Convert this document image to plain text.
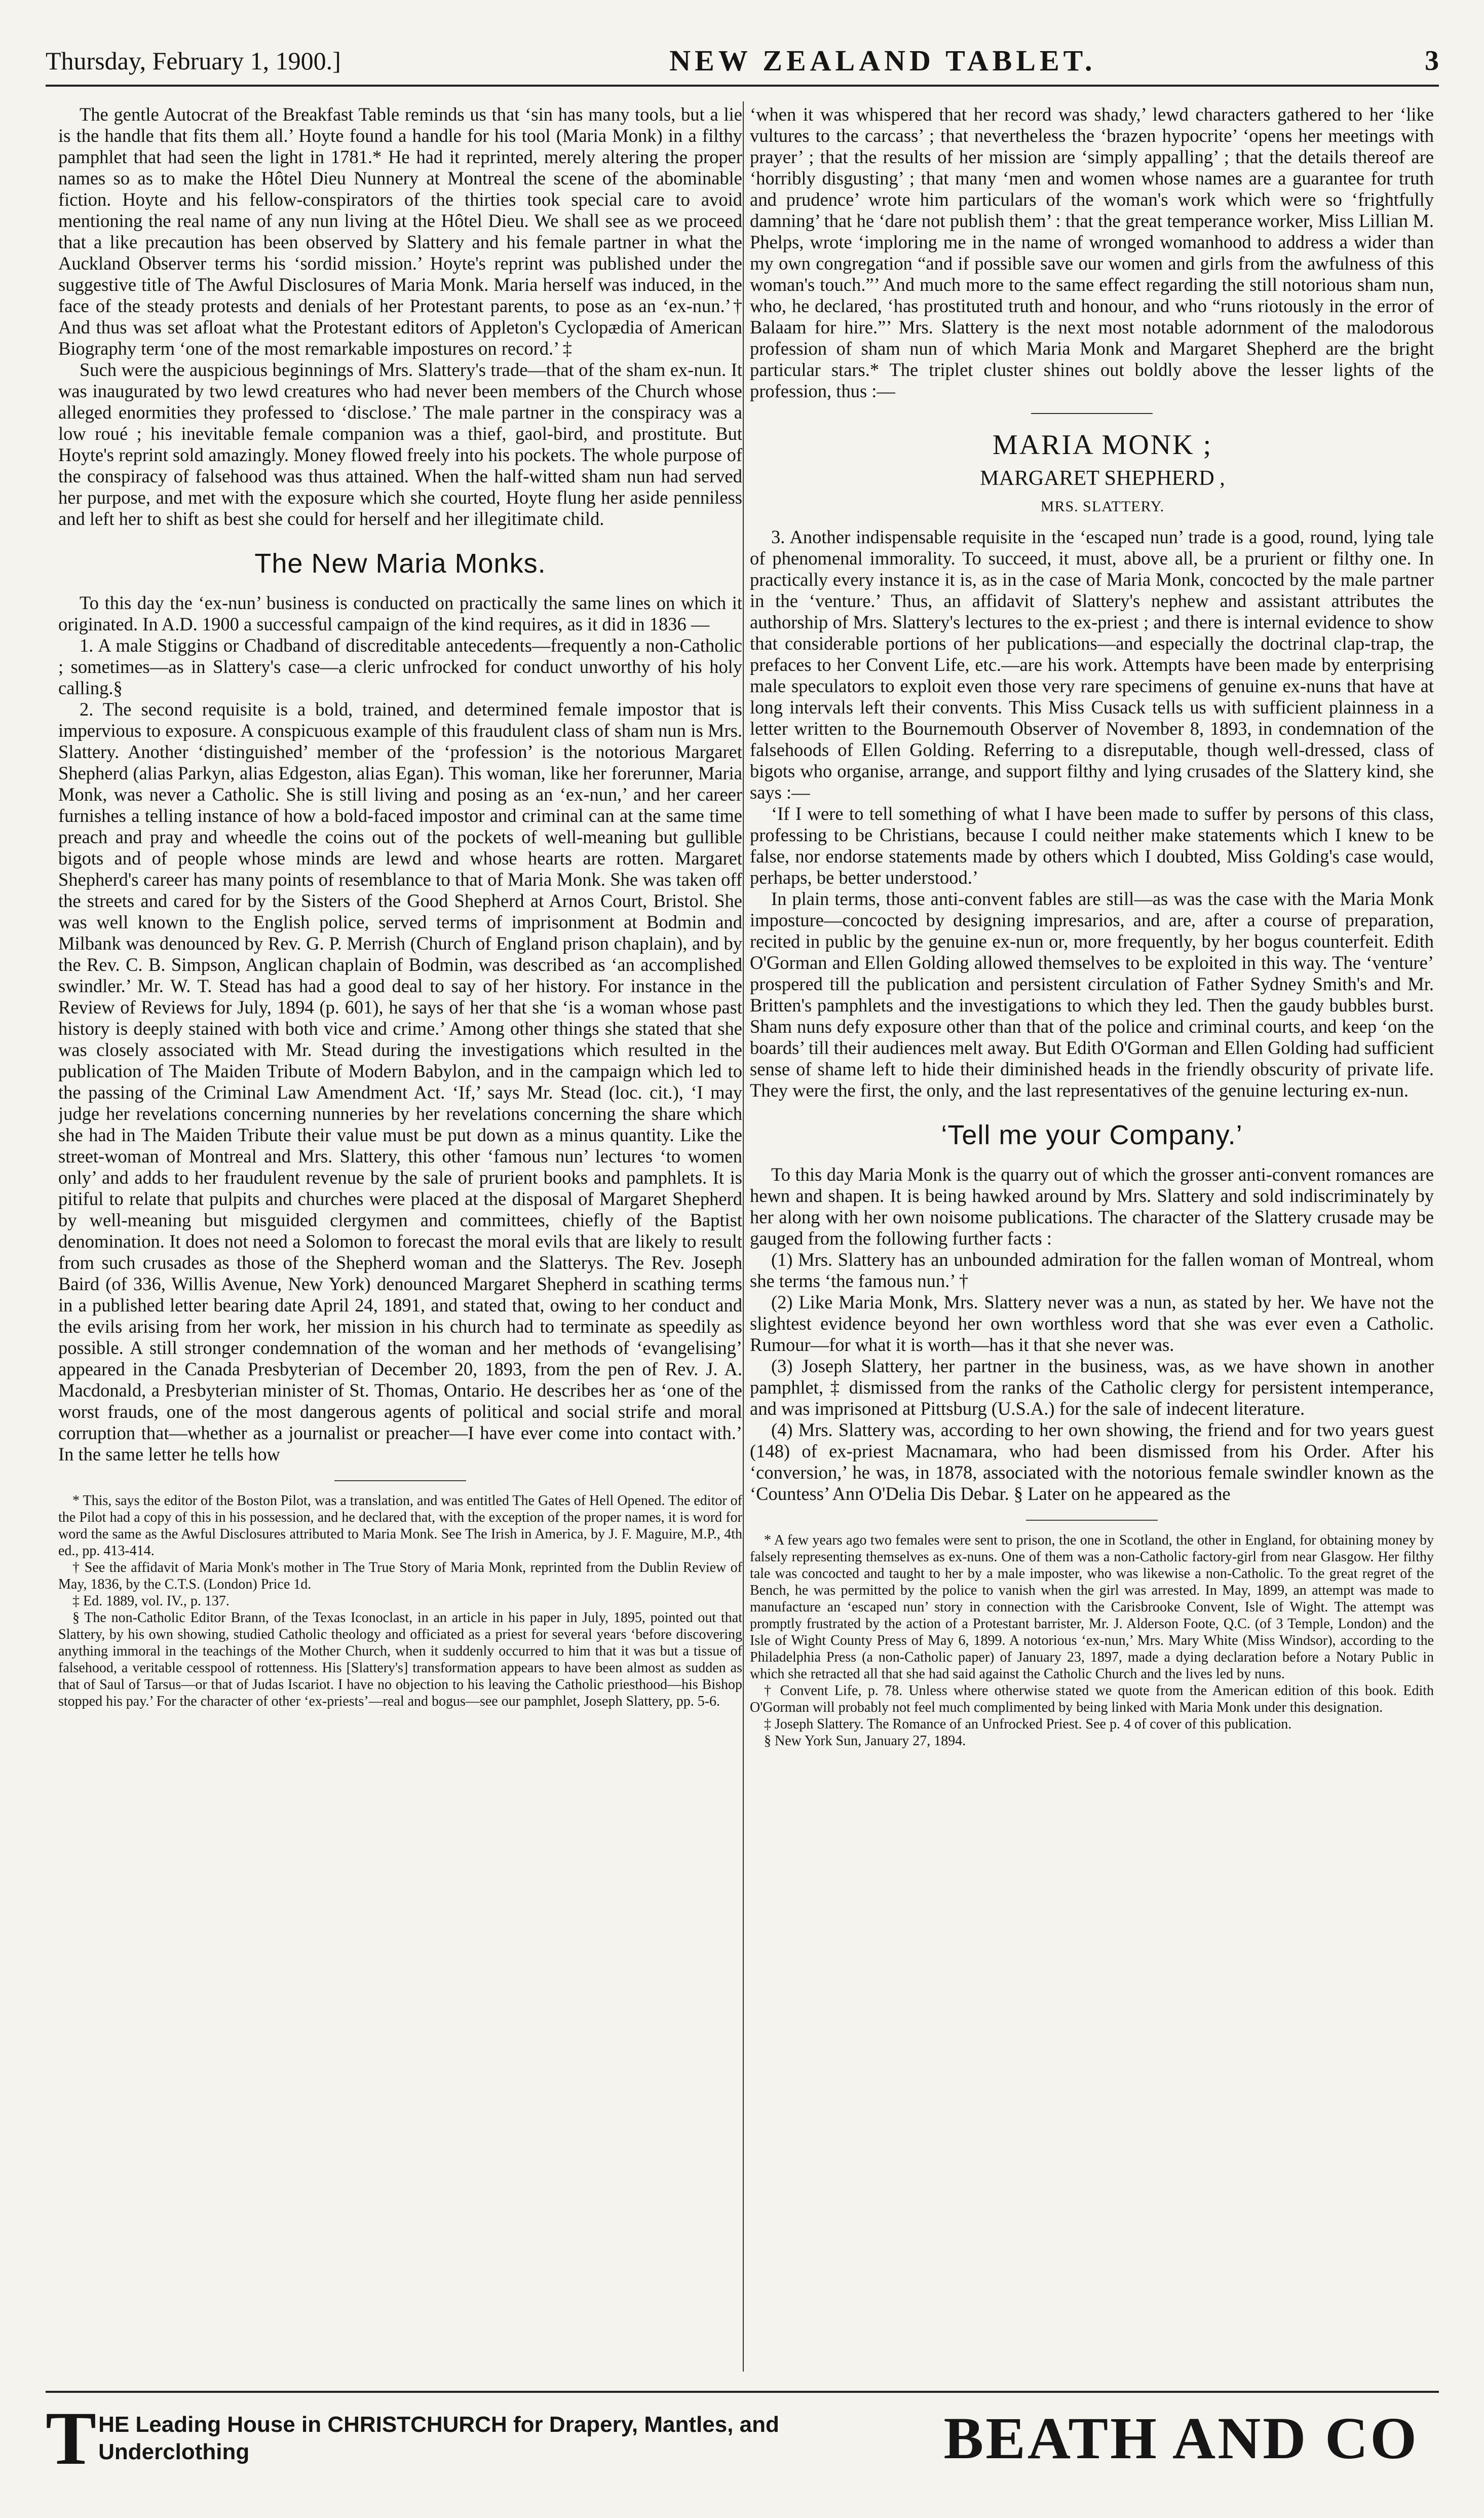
Thursday, February 1, 1900.]	NEW ZEALAND TABLET.	3

The gentle Autocrat of the Breakfast Table reminds us that ‘sin has many tools, but a lie is the handle that fits them all.’ Hoyte found a handle for his tool (Maria Monk) in a filthy pamphlet that had seen the light in 1781.* He had it reprinted, merely altering the proper names so as to make the Hôtel Dieu Nunnery at Montreal the scene of the abominable fiction. Hoyte and his fellow-conspirators of the thirties took special care to avoid mentioning the real name of any nun living at the Hôtel Dieu. We shall see as we proceed that a like precaution has been observed by Slattery and his female partner in what the Auckland Observer terms his ‘sordid mission.’ Hoyte's reprint was published under the suggestive title of The Awful Disclosures of Maria Monk. Maria herself was induced, in the face of the steady protests and denials of her Protestant parents, to pose as an ‘ex-nun.’† And thus was set afloat what the Protestant editors of Appleton's Cyclopædia of American Biography term ‘one of the most remarkable impostures on record.’ ‡

Such were the auspicious beginnings of Mrs. Slattery's trade—that of the sham ex-nun. It was inaugurated by two lewd creatures who had never been members of the Church whose alleged enormities they professed to ‘disclose.’ The male partner in the conspiracy was a low roué ; his inevitable female companion was a thief, gaol-bird, and prostitute. But Hoyte's reprint sold amazingly. Money flowed freely into his pockets. The whole purpose of the conspiracy of falsehood was thus attained. When the half-witted sham nun had served her purpose, and met with the exposure which she courted, Hoyte flung her aside penniless and left her to shift as best she could for herself and her illegitimate child.

The New Maria Monks.

To this day the ‘ex-nun’ business is conducted on practically the same lines on which it originated. In A.D. 1900 a successful campaign of the kind requires, as it did in 1836 —

1. A male Stiggins or Chadband of discreditable antecedents—frequently a non-Catholic ; sometimes—as in Slattery's case—a cleric unfrocked for conduct unworthy of his holy calling.§

2. The second requisite is a bold, trained, and determined female impostor that is impervious to exposure. A conspicuous example of this fraudulent class of sham nun is Mrs. Slattery. Another ‘distinguished’ member of the ‘profession’ is the notorious Margaret Shepherd (alias Parkyn, alias Edgeston, alias Egan). This woman, like her forerunner, Maria Monk, was never a Catholic. She is still living and posing as an ‘ex-nun,’ and her career furnishes a telling instance of how a bold-faced impostor and criminal can at the same time preach and pray and wheedle the coins out of the pockets of well-meaning but gullible bigots and of people whose minds are lewd and whose hearts are rotten. Margaret Shepherd's career has many points of resemblance to that of Maria Monk. She was taken off the streets and cared for by the Sisters of the Good Shepherd at Arnos Court, Bristol. She was well known to the English police, served terms of imprisonment at Bodmin and Milbank was denounced by Rev. G. P. Merrish (Church of England prison chaplain), and by the Rev. C. B. Simpson, Anglican chaplain of Bodmin, was described as ‘an accomplished swindler.’ Mr. W. T. Stead has had a good deal to say of her history. For instance in the Review of Reviews for July, 1894 (p. 601), he says of her that she ‘is a woman whose past history is deeply stained with both vice and crime.’ Among other things she stated that she was closely associated with Mr. Stead during the investigations which resulted in the publication of The Maiden Tribute of Modern Babylon, and in the campaign which led to the passing of the Criminal Law Amendment Act. ‘If,’ says Mr. Stead (loc. cit.), ‘I may judge her revelations concerning nunneries by her revelations concerning the share which she had in The Maiden Tribute their value must be put down as a minus quantity. Like the street-woman of Montreal and Mrs. Slattery, this other ‘famous nun’ lectures ‘to women only’ and adds to her fraudulent revenue by the sale of prurient books and pamphlets. It is pitiful to relate that pulpits and churches were placed at the disposal of Margaret Shepherd by well-meaning but misguided clergymen and committees, chiefly of the Baptist denomination. It does not need a Solomon to forecast the moral evils that are likely to result from such crusades as those of the Shepherd woman and the Slatterys. The Rev. Joseph Baird (of 336, Willis Avenue, New York) denounced Margaret Shepherd in scathing terms in a published letter bearing date April 24, 1891, and stated that, owing to her conduct and the evils arising from her work, her mission in his church had to terminate as speedily as possible. A still stronger condemnation of the woman and her methods of ‘evangelising’ appeared in the Canada Presbyterian of December 20, 1893, from the pen of Rev. J. A. Macdonald, a Presbyterian minister of St. Thomas, Ontario. He describes her as ‘one of the worst frauds, one of the most dangerous agents of political and social strife and moral corruption that—whether as a journalist or preacher—I have ever come into contact with.’ In the same letter he tells how

* This, says the editor of the Boston Pilot, was a translation, and was entitled The Gates of Hell Opened. The editor of the Pilot had a copy of this in his possession, and he declared that, with the exception of the proper names, it is word for word the same as the Awful Disclosures attributed to Maria Monk. See The Irish in America, by J. F. Maguire, M.P., 4th ed., pp. 413-414.

† See the affidavit of Maria Monk's mother in The True Story of Maria Monk, reprinted from the Dublin Review of May, 1836, by the C.T.S. (London) Price 1d.

‡ Ed. 1889, vol. IV., p. 137.

§ The non-Catholic Editor Brann, of the Texas Iconoclast, in an article in his paper in July, 1895, pointed out that Slattery, by his own showing, studied Catholic theology and officiated as a priest for several years ‘before discovering anything immoral in the teachings of the Mother Church, when it suddenly occurred to him that it was but a tissue of falsehood, a veritable cesspool of rottenness. His [Slattery's] transformation appears to have been almost as sudden as that of Saul of Tarsus—or that of Judas Iscariot. I have no objection to his leaving the Catholic priesthood—his Bishop stopped his pay.’ For the character of other ‘ex-priests’—real and bogus—see our pamphlet, Joseph Slattery, pp. 5-6.

‘when it was whispered that her record was shady,’ lewd characters gathered to her ‘like vultures to the carcass’ ; that nevertheless the ‘brazen hypocrite’ ‘opens her meetings with prayer’ ; that the results of her mission are ‘simply appalling’ ; that the details thereof are ‘horribly disgusting’ ; that many ‘men and women whose names are a guarantee for truth and prudence’ wrote him particulars of the woman's work which were so ‘frightfully damning’ that he ‘dare not publish them’ : that the great temperance worker, Miss Lillian M. Phelps, wrote ‘imploring me in the name of wronged womanhood to address a wider than my own congregation “and if possible save our women and girls from the awfulness of this woman's touch.”’ And much more to the same effect regarding the still notorious sham nun, who, he declared, ‘has prostituted truth and honour, and who “runs riotously in the error of Balaam for hire.”’ Mrs. Slattery is the next most notable adornment of the malodorous profession of sham nun of which Maria Monk and Margaret Shepherd are the bright particular stars.* The triplet cluster shines out boldly above the lesser lights of the profession, thus :—

MARIA MONK ;

MARGARET SHEPHERD ,

MRS. SLATTERY.

3. Another indispensable requisite in the ‘escaped nun’ trade is a good, round, lying tale of phenomenal immorality. To succeed, it must, above all, be a prurient or filthy one. In practically every instance it is, as in the case of Maria Monk, concocted by the male partner in the ‘venture.’ Thus, an affidavit of Slattery's nephew and assistant attributes the authorship of Mrs. Slattery's lectures to the ex-priest ; and there is internal evidence to show that considerable portions of her publications—and especially the doctrinal clap-trap, the prefaces to her Convent Life, etc.—are his work. Attempts have been made by enterprising male speculators to exploit even those very rare specimens of genuine ex-nuns that have at long intervals left their convents. This Miss Cusack tells us with sufficient plainness in a letter written to the Bournemouth Observer of November 8, 1893, in condemnation of the falsehoods of Ellen Golding. Referring to a disreputable, though well-dressed, class of bigots who organise, arrange, and support filthy and lying crusades of the Slattery kind, she says :—

‘If I were to tell something of what I have been made to suffer by persons of this class, professing to be Christians, because I could neither make statements which I knew to be false, nor endorse statements made by others which I doubted, Miss Golding's case would, perhaps, be better understood.’

In plain terms, those anti-convent fables are still—as was the case with the Maria Monk imposture—concocted by designing impresarios, and are, after a course of preparation, recited in public by the genuine ex-nun or, more frequently, by her bogus counterfeit. Edith O'Gorman and Ellen Golding allowed themselves to be exploited in this way. The ‘venture’ prospered till the publication and persistent circulation of Father Sydney Smith's and Mr. Britten's pamphlets and the investigations to which they led. Then the gaudy bubbles burst. Sham nuns defy exposure other than that of the police and criminal courts, and keep ‘on the boards’ till their audiences melt away. But Edith O'Gorman and Ellen Golding had sufficient sense of shame left to hide their diminished heads in the friendly obscurity of private life. They were the first, the only, and the last representatives of the genuine lecturing ex-nun.

‘Tell me your Company.’

To this day Maria Monk is the quarry out of which the grosser anti-convent romances are hewn and shapen. It is being hawked around by Mrs. Slattery and sold indiscriminately by her along with her own noisome publications. The character of the Slattery crusade may be gauged from the following further facts :

(1) Mrs. Slattery has an unbounded admiration for the fallen woman of Montreal, whom she terms ‘the famous nun.’ †

(2) Like Maria Monk, Mrs. Slattery never was a nun, as stated by her. We have not the slightest evidence beyond her own worthless word that she was ever even a Catholic. Rumour—for what it is worth—has it that she never was.

(3) Joseph Slattery, her partner in the business, was, as we have shown in another pamphlet, ‡ dismissed from the ranks of the Catholic clergy for persistent intemperance, and was imprisoned at Pittsburg (U.S.A.) for the sale of indecent literature.

(4) Mrs. Slattery was, according to her own showing, the friend and for two years guest (148) of ex-priest Macnamara, who had been dismissed from his Order. After his ‘conversion,’ he was, in 1878, associated with the notorious female swindler known as the ‘Countess’ Ann O'Delia Dis Debar. § Later on he appeared as the

* A few years ago two females were sent to prison, the one in Scotland, the other in England, for obtaining money by falsely representing themselves as ex-nuns. One of them was a non-Catholic factory-girl from near Glasgow. Her filthy tale was concocted and taught to her by a male imposter, who was likewise a non-Catholic. To the great regret of the Bench, he was permitted by the police to vanish when the girl was arrested. In May, 1899, an attempt was made to manufacture an ‘escaped nun’ story in connection with the Carisbrooke Convent, Isle of Wight. The attempt was promptly frustrated by the action of a Protestant barrister, Mr. J. Alderson Foote, Q.C. (of 3 Temple, London) and the Isle of Wight County Press of May 6, 1899. A notorious ‘ex-nun,’ Mrs. Mary White (Miss Windsor), according to the Philadelphia Press (a non-Catholic paper) of January 23, 1897, made a dying declaration before a Notary Public in which she retracted all that she had said against the Catholic Church and the lives led by nuns.

† Convent Life, p. 78. Unless where otherwise stated we quote from the American edition of this book. Edith O'Gorman will probably not feel much complimented by being linked with Maria Monk under this designation.

‡ Joseph Slattery. The Romance of an Unfrocked Priest. See p. 4 of cover of this publication.

§ New York Sun, January 27, 1894.

T HE Leading House in CHRISTCHURCH for Drapery, Mantles, and
Underclothing	BEATH AND CO
